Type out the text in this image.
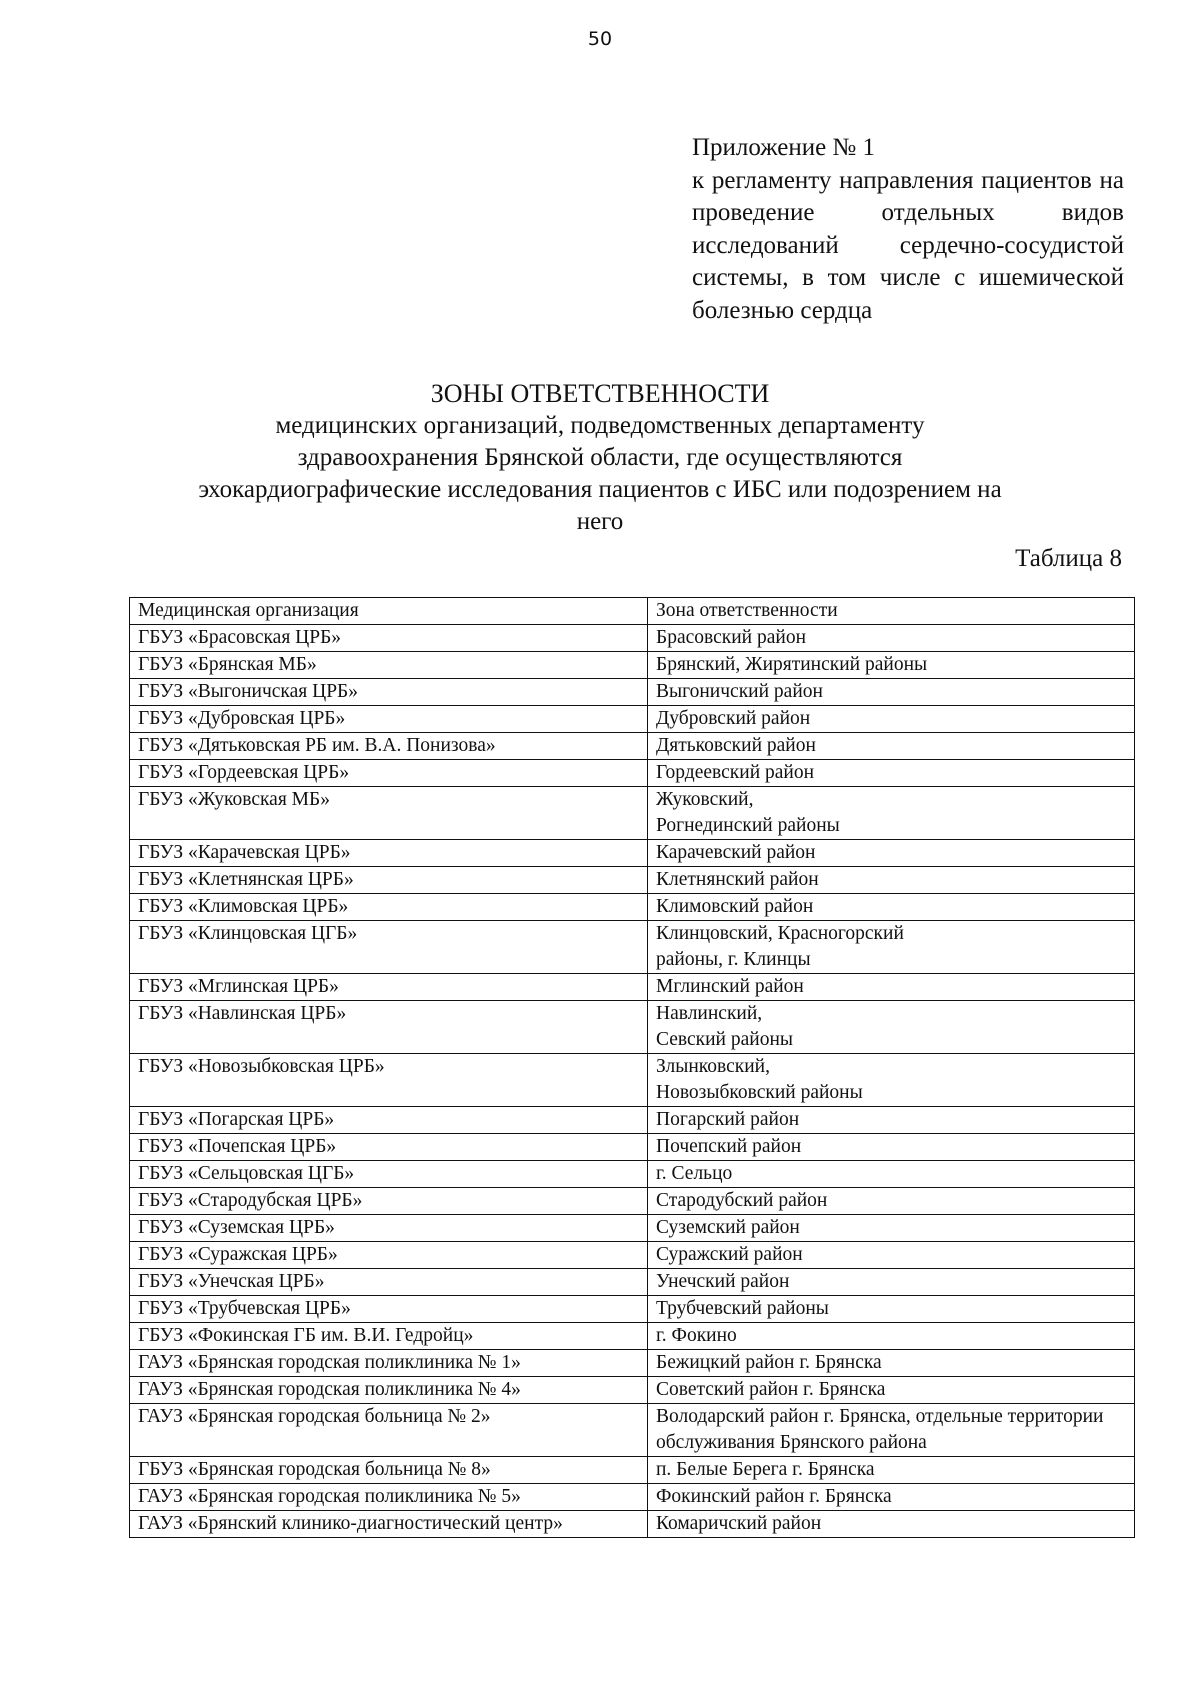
50
Приложение № 1
к регламенту направления пациентов на проведение отдельных видов исследований сердечно-сосудистой системы, в том числе с ишемической болезнью сердца
ЗОНЫ ОТВЕТСТВЕННОСТИ
медицинских организаций, подведомственных департаменту
здравоохранения Брянской области, где осуществляются
эхокардиографические исследования пациентов с ИБС или подозрением на
него
Таблица 8
Медицинская организация	Зона ответственности
ГБУЗ «Брасовская ЦРБ»	Брасовский район
ГБУЗ «Брянская МБ»	Брянский, Жирятинский районы
ГБУЗ «Выгоничская ЦРБ»	Выгоничский район
ГБУЗ «Дубровская ЦРБ»	Дубровский район
ГБУЗ «Дятьковская РБ им. В.А. Понизова»	Дятьковский район
ГБУЗ «Гордеевская ЦРБ»	Гордеевский район
ГБУЗ «Жуковская МБ»	Жуковский,
Рогнединский районы
ГБУЗ «Карачевская ЦРБ»	Карачевский район
ГБУЗ «Клетнянская ЦРБ»	Клетнянский район
ГБУЗ «Климовская ЦРБ»	Климовский район
ГБУЗ «Клинцовская ЦГБ»	Клинцовский, Красногорский
районы, г. Клинцы
ГБУЗ «Мглинская ЦРБ»	Мглинский район
ГБУЗ «Навлинская ЦРБ»	Навлинский,
Севский районы
ГБУЗ «Новозыбковская ЦРБ»	Злынковский,
Новозыбковский районы
ГБУЗ «Погарская ЦРБ»	Погарский район
ГБУЗ «Почепская ЦРБ»	Почепский район
ГБУЗ «Сельцовская ЦГБ»	г. Сельцо
ГБУЗ «Стародубская ЦРБ»	Стародубский район
ГБУЗ «Суземская ЦРБ»	Суземский район
ГБУЗ «Суражская ЦРБ»	Суражский район
ГБУЗ «Унечская ЦРБ»	Унечский район
ГБУЗ «Трубчевская ЦРБ»	Трубчевский районы
ГБУЗ «Фокинская ГБ им. В.И. Гедройц»	г. Фокино
ГАУЗ «Брянская городская поликлиника № 1»	Бежицкий район г. Брянска
ГАУЗ «Брянская городская поликлиника № 4»	Советский район г. Брянска
ГАУЗ «Брянская городская больница № 2»	Володарский район г. Брянска, отдельные территории обслуживания Брянского района
ГБУЗ «Брянская городская больница № 8»	п. Белые Берега г. Брянска
ГАУЗ «Брянская городская поликлиника № 5»	Фокинский район г. Брянска
ГАУЗ «Брянский клинико-диагностический центр»	Комаричский район
